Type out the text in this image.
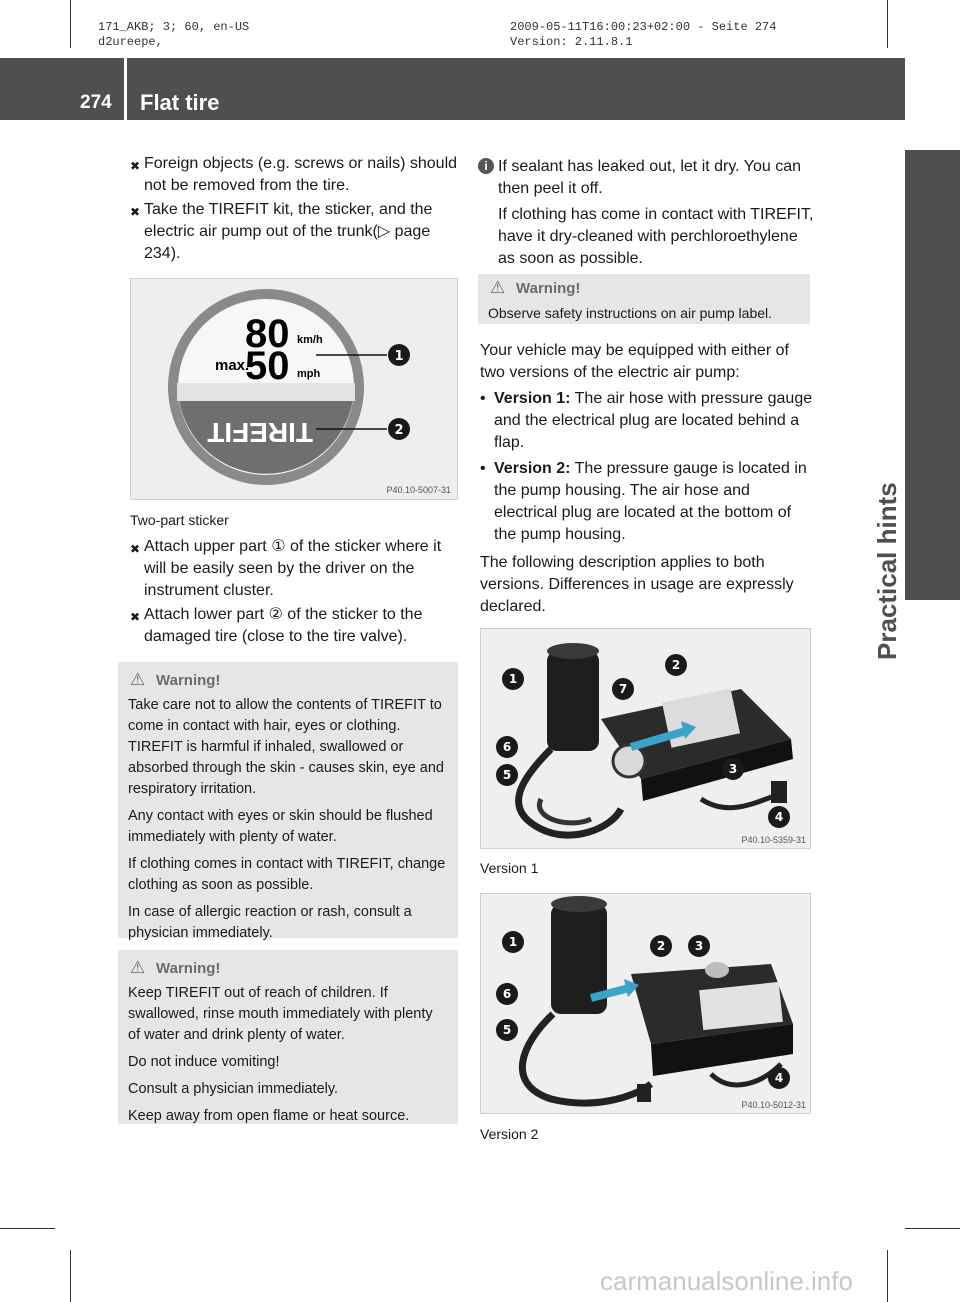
171_AKB; 3; 60, en-US
d2ureepe,
2009-05-11T16:00:23+02:00 - Seite 274
Version: 2.11.8.1
274 Flat tire
Practical hints
✖ Foreign objects (e.g. screws or nails) should not be removed from the tire.
✖ Take the TIREFIT kit, the sticker, and the electric air pump out of the trunk(▷ page 234).
max.
80 km/h
50 mph
TIREFIT
1
2
P40.10-5007-31
Two-part sticker
✖ Attach upper part ① of the sticker where it will be easily seen by the driver on the instrument cluster.
✖ Attach lower part ② of the sticker to the damaged tire (close to the tire valve).
⚠ Warning!

Take care not to allow the contents of TIREFIT to come in contact with hair, eyes or clothing. TIREFIT is harmful if inhaled, swallowed or absorbed through the skin - causes skin, eye and respiratory irritation.

Any contact with eyes or skin should be flushed immediately with plenty of water.

If clothing comes in contact with TIREFIT, change clothing as soon as possible.

In case of allergic reaction or rash, consult a physician immediately.

⚠ Warning!

Keep TIREFIT out of reach of children. If swallowed, rinse mouth immediately with plenty of water and drink plenty of water.

Do not induce vomiting!

Consult a physician immediately.

Keep away from open flame or heat source.

i If sealant has leaked out, let it dry. You can then peel it off.
If clothing has come in contact with TIREFIT, have it dry-cleaned with perchloroethylene as soon as possible.
⚠ Warning!

Observe safety instructions on air pump label.

Your vehicle may be equipped with either of two versions of the electric air pump:
• Version 1: The air hose with pressure gauge and the electrical plug are located behind a flap.
• Version 2: The pressure gauge is located in the pump housing. The air hose and electrical plug are located at the bottom of the pump housing.
The following description applies to both versions. Differences in usage are expressly declared.
1
2
7
6
5	3
4
P40.10-5359-31
Version 1
1	2 3
6
5
4
P40.10-5012-31
Version 2
carmanualsonline.info
